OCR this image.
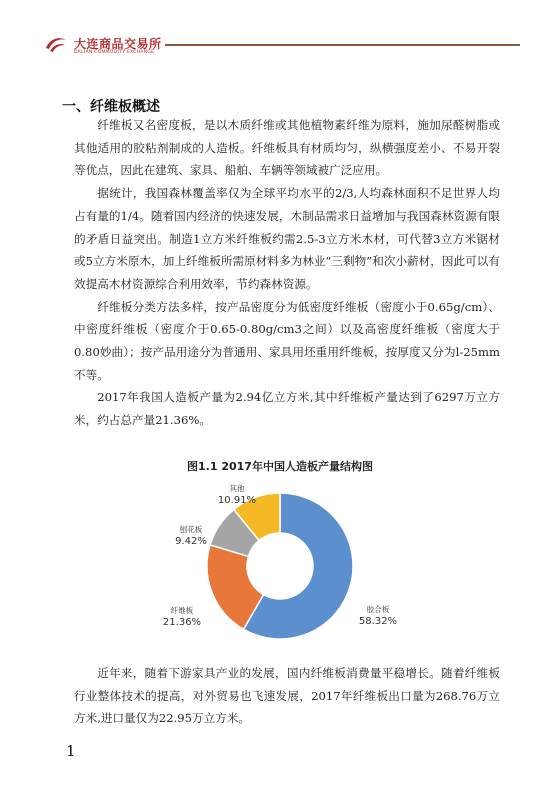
大连商品交易所
DALIAN COMMODITY EXCHANGE
一、纤维板概述

纤维板又名密度板，是以木质纤维或其他植物素纤维为原料，施加尿醛树脂或其他适用的胶粘剂制成的人造板。纤维板具有材质均匀，纵横强度差小、不易开裂等优点，因此在建筑、家具、船舶、车辆等领域被广泛应用。

据统计，我国森林覆盖率仅为全球平均水平的2/3,人均森林面积不足世界人均占有量的1/4。随着国内经济的快速发展，木制品需求日益增加与我国森林资源有限的矛盾日益突出。制造1立方米纤维板约需2.5-3立方米木材，可代替3立方米锯材或5立方米原木，加上纤维板所需原材料多为林业“三剩物”和次小薪材，因此可以有效提高木材资源综合利用效率，节约森林资源。

纤维板分类方法多样，按产品密度分为低密度纤维板（密度小于0.65g/cm）、中密度纤维板（密度介于0.65-0.80g/cm3之间）以及高密度纤维板（密度大于0.80妙曲）；按产品用途分为普通用、家具用坯重用纤维板，按厚度又分为l-25mm不等。

2017年我国人造板产量为2.94亿立方米,其中纤维板产量达到了6297万立方米，约占总产量21.36%。

图1.1 2017年中国人造板产量结构图
胶合板
58.32%
纤维板
21.36%
刨花板
9.42%
其他
10.91%

近年来，随着下游家具产业的发展，国内纤维板消费量平稳增长。随着纤维板行业整体技术的提高，对外贸易也飞速发展，2017年纤维板出口量为268.76万立方米,进口量仅为22.95万立方米。

1
